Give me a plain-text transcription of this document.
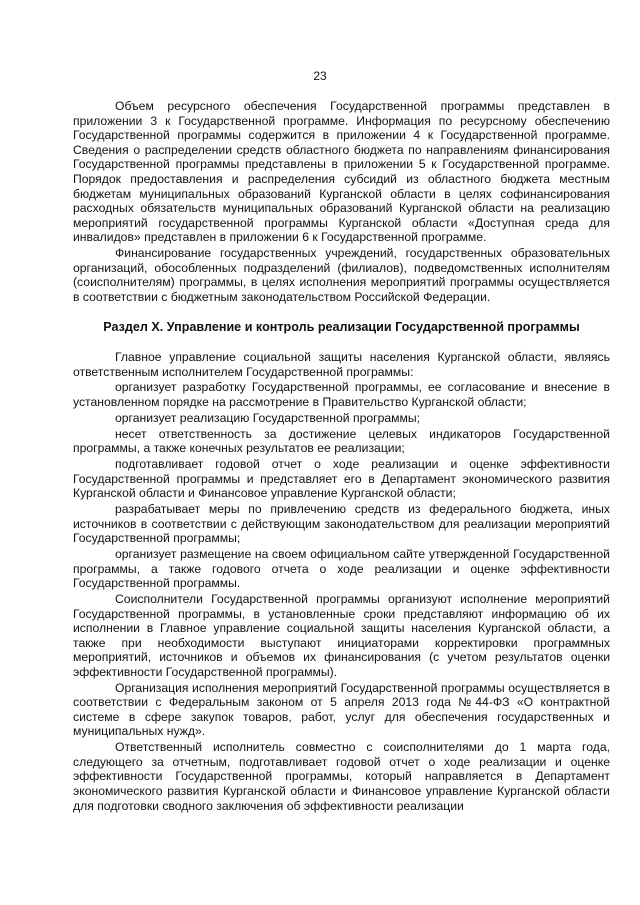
23

Объем ресурсного обеспечения Государственной программы представлен в приложении 3 к Государственной программе. Информация по ресурсному обеспечению Государственной программы содержится в приложении 4 к Государственной программе. Сведения о распределении средств областного бюджета по направлениям финансирования Государственной программы представлены в приложении 5 к Государственной программе. Порядок предоставления и распределения субсидий из областного бюджета местным бюджетам муниципальных образований Курганской области в целях софинансирования расходных обязательств муниципальных образований Курганской области на реализацию мероприятий государственной программы Курганской области «Доступная среда для инвалидов» представлен в приложении 6 к Государственной программе.

Финансирование государственных учреждений, государственных образовательных организаций, обособленных подразделений (филиалов), подведомственных исполнителям (соисполнителям) программы, в целях исполнения мероприятий программы осуществляется в соответствии с бюджетным законодательством Российской Федерации.

Раздел X. Управление и контроль реализации Государственной программы

Главное управление социальной защиты населения Курганской области, являясь ответственным исполнителем Государственной программы:

организует разработку Государственной программы, ее согласование и внесение в установленном порядке на рассмотрение в Правительство Курганской области;

организует реализацию Государственной программы;

несет ответственность за достижение целевых индикаторов Государственной программы, а также конечных результатов ее реализации;

подготавливает годовой отчет о ходе реализации и оценке эффективности Государственной программы и представляет его в Департамент экономического развития Курганской области и Финансовое управление Курганской области;

разрабатывает меры по привлечению средств из федерального бюджета, иных источников в соответствии с действующим законодательством для реализации мероприятий Государственной программы;

организует размещение на своем официальном сайте утвержденной Государственной программы, а также годового отчета о ходе реализации и оценке эффективности Государственной программы.

Соисполнители Государственной программы организуют исполнение мероприятий Государственной программы, в установленные сроки представляют информацию об их исполнении в Главное управление социальной защиты населения Курганской области, а также при необходимости выступают инициаторами корректировки программных мероприятий, источников и объемов их финансирования (с учетом результатов оценки эффективности Государственной программы).

Организация исполнения мероприятий Государственной программы осуществляется в соответствии с Федеральным законом от 5 апреля 2013 года №44-ФЗ «О контрактной системе в сфере закупок товаров, работ, услуг для обеспечения государственных и муниципальных нужд».

Ответственный исполнитель совместно с соисполнителями до 1 марта года, следующего за отчетным, подготавливает годовой отчет о ходе реализации и оценке эффективности Государственной программы, который направляется в Департамент экономического развития Курганской области и Финансовое управление Курганской области для подготовки сводного заключения об эффективности реализации
